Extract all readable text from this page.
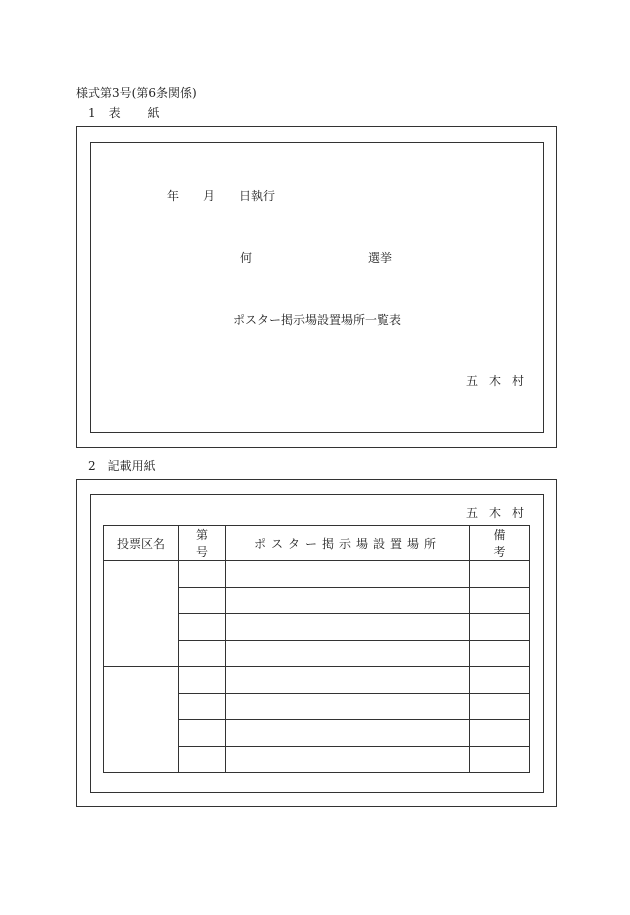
様式第3号(第6条関係)
1 表 紙
年 月 日執行
何	選挙
ポスター掲示場設置場所一覧表
五木村
2 記載用紙
五木村
投票区名	第号	ポスター掲示場設置場所	備考
